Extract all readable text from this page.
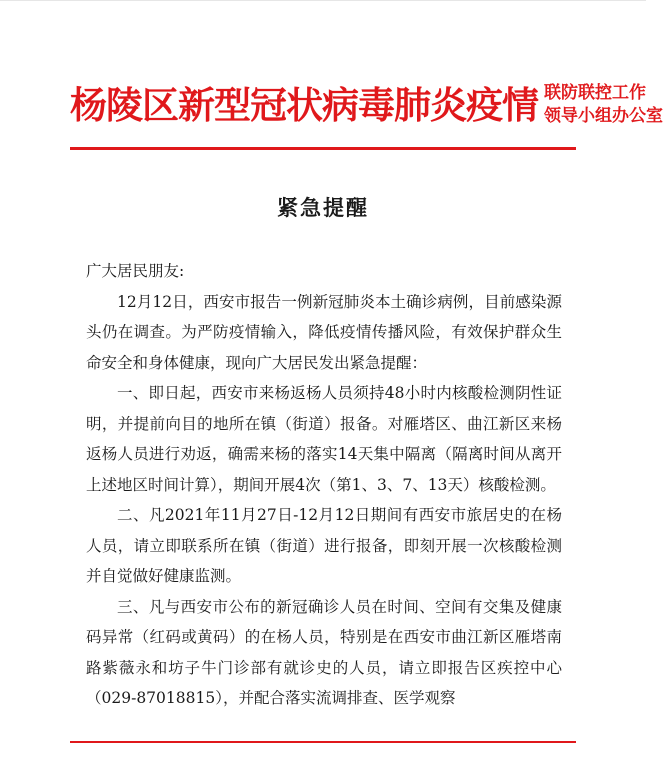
杨陵区新型冠状病毒肺炎疫情 联防联控工作
领导小组办公室
紧急提醒

广大居民朋友:

12月12日，西安市报告一例新冠肺炎本土确诊病例，目前感染源头仍在调查。为严防疫情输入，降低疫情传播风险，有效保护群众生命安全和身体健康，现向广大居民发出紧急提醒：

一、即日起，西安市来杨返杨人员须持48小时内核酸检测阴性证明，并提前向目的地所在镇（街道）报备。对雁塔区、曲江新区来杨返杨人员进行劝返，确需来杨的落实14天集中隔离（隔离时间从离开上述地区时间计算），期间开展4次（第1、3、7、13天）核酸检测。

二、凡2021年11月27日-12月12日期间有西安市旅居史的在杨人员，请立即联系所在镇（街道）进行报备，即刻开展一次核酸检测并自觉做好健康监测。

三、凡与西安市公布的新冠确诊人员在时间、空间有交集及健康码异常（红码或黄码）的在杨人员，特别是在西安市曲江新区雁塔南路紫薇永和坊子牛门诊部有就诊史的人员，请立即报告区疾控中心（029-87018815），并配合落实流调排查、医学观察
